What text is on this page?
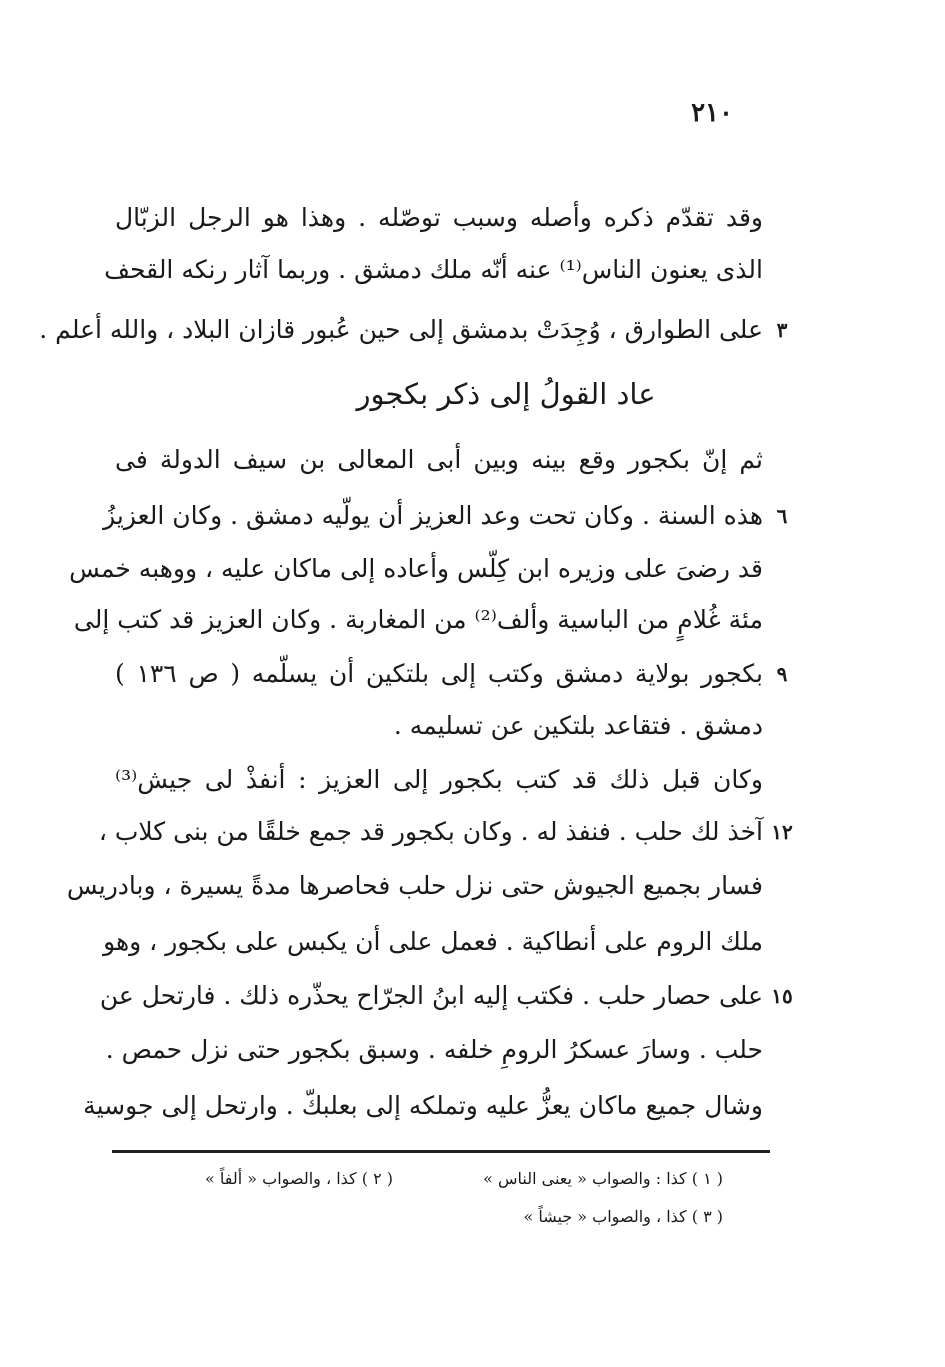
٢١٠
وقد تقدّم ذكره وأصله وسبب توصّله . وهذا هو الرجل الزبّال
الذى يعنون الناس⁽¹⁾ عنه أنّه ملك دمشق . وربما آثار رنكه القحف
على الطوارق ، وُجِدَتْ بدمشق إلى حين عُبور قازان البلاد ، والله أعلم . ٣
ثم إنّ بكجور وقع بينه وبين أبى المعالى بن سيف الدولة فى
هذه السنة . وكان تحت وعد العزيز أن يولّيه دمشق . وكان العزيزُ ٦
قد رضىَ على وزيره ابن كِلّس وأعاده إلى ماكان عليه ، ووهبه خمس
مئة غُلامٍ من الباسية وألف⁽²⁾ من المغاربة . وكان العزيز قد كتب إلى
بكجور بولاية دمشق وكتب إلى بلتكين أن يسلّمه ( ص ١٣٦ ) ٩
دمشق . فتقاعد بلتكين عن تسليمه .
وكان قبل ذلك قد كتب بكجور إلى العزيز : أنفذْ لى جيش⁽³⁾
آخذ لك حلب . فنفذ له . وكان بكجور قد جمع خلقًا من بنى كلاب ، ١٢
فسار بجميع الجيوش حتى نزل حلب فحاصرها مدةً يسيرة ، وبادريس
ملك الروم على أنطاكية . فعمل على أن يكبس على بكجور ، وهو
على حصار حلب . فكتب إليه ابنُ الجرّاح يحذّره ذلك . فارتحل عن ١٥
حلب . وسارَ عسكرُ الرومِ خلفه . وسبق بكجور حتى نزل حمص .
وشال جميع ماكان يعزُّ عليه وتملكه إلى بعلبكّ . وارتحل إلى جوسية
عاد القولُ إلى ذكر بكجور
( ١ ) كذا : والصواب « يعنى الناس »
( ٢ ) كذا ، والصواب « ألفاً »
( ٣ ) كذا ، والصواب « جيشاً »
